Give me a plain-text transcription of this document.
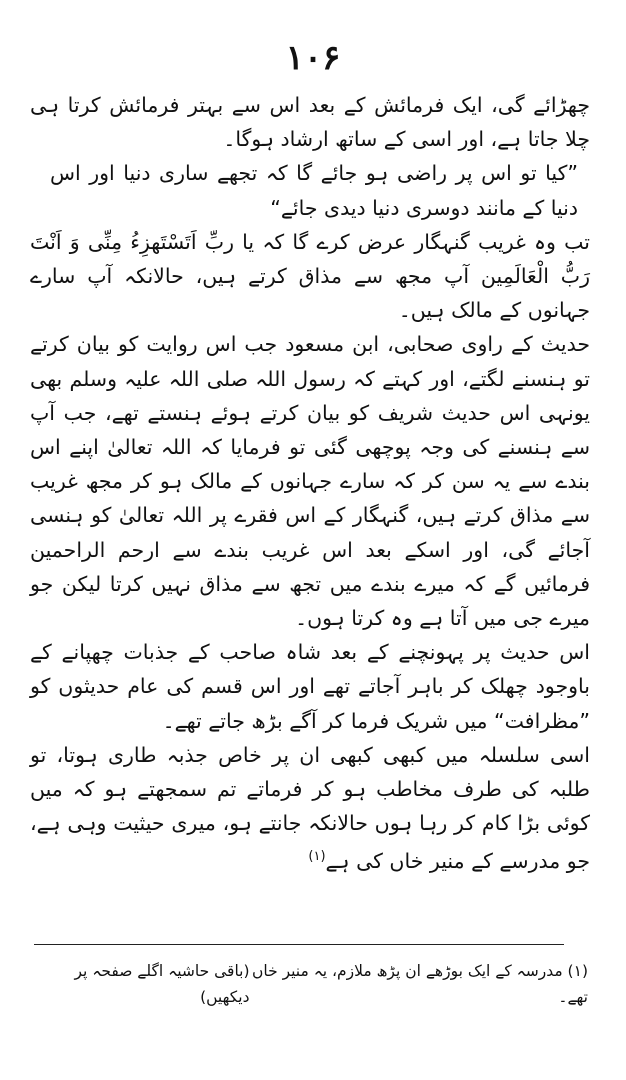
۱۰۶

چھڑائے گی، ایک فرمائش کے بعد اس سے بہتر فرمائش کرتا ہی چلا جاتا ہے، اور اسی کے ساتھ ارشاد ہوگا۔

”کیا تو اس پر راضی ہو جائے گا کہ تجھے ساری دنیا اور اس دنیا کے مانند دوسری دنیا دیدی جائے“

تب وہ غریب گنہگار عرض کرے گا کہ یا ربِّ اَتَسْتَھزِءُ مِنِّی وَ اَنْتَ رَبُّ الْعَالَمِین آپ مجھ سے مذاق کرتے ہیں، حالانکہ آپ سارے جہانوں کے مالک ہیں۔

حدیث کے راوی صحابی، ابن مسعود جب اس روایت کو بیان کرتے تو ہنسنے لگتے، اور کہتے کہ رسول اللہ صلی اللہ علیہ وسلم بھی یونہی اس حدیث شریف کو بیان کرتے ہوئے ہنستے تھے، جب آپ سے ہنسنے کی وجہ پوچھی گئی تو فرمایا کہ اللہ تعالیٰ اپنے اس بندے سے یہ سن کر کہ سارے جہانوں کے مالک ہو کر مجھ غریب سے مذاق کرتے ہیں، گنہگار کے اس فقرے پر اللہ تعالیٰ کو ہنسی آجائے گی، اور اسکے بعد اس غریب بندے سے ارحم الراحمین فرمائیں گے کہ میرے بندے میں تجھ سے مذاق نہیں کرتا لیکن جو میرے جی میں آتا ہے وہ کرتا ہوں۔

اس حدیث پر پہونچنے کے بعد شاہ صاحب کے جذبات چھپانے کے باوجود چھلک کر باہر آجاتے تھے اور اس قسم کی عام حدیثوں کو ”مظرافت“ میں شریک فرما کر آگے بڑھ جاتے تھے۔

اسی سلسلہ میں کبھی کبھی ان پر خاص جذبہ طاری ہوتا، تو طلبہ کی طرف مخاطب ہو کر فرماتے تم سمجھتے ہو کہ میں کوئی بڑا کام کر رہا ہوں حالانکہ جانتے ہو، میری حیثیت وہی ہے، جو مدرسے کے منیر خاں کی ہے$^{(۱)}$

(۱) مدرسہ کے ایک بوڑھے ان پڑھ ملازم، یہ منیر خاں تھے۔
(باقی حاشیہ اگلے صفحہ پر دیکھیں)
